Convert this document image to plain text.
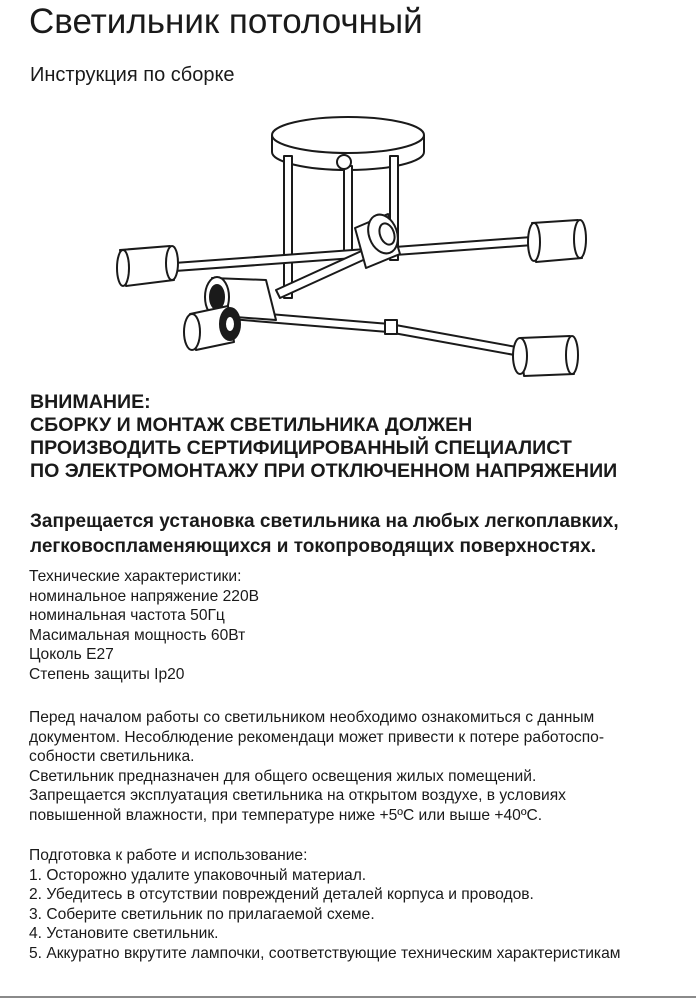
Светильник потолочный
Инструкция по сборке
ВНИМАНИЕ:
СБОРКУ И МОНТАЖ СВЕТИЛЬНИКА ДОЛЖЕН
ПРОИЗВОДИТЬ СЕРТИФИЦИРОВАННЫЙ СПЕЦИАЛИСТ
ПО ЭЛЕКТРОМОНТАЖУ ПРИ ОТКЛЮЧЕННОМ НАПРЯЖЕНИИ
Запрещается установка светильника на любых легкоплавких,
легковоспламеняющихся и токопроводящих поверхностях.
Технические характеристики:
номинальное напряжение 220В
номинальная частота 50Гц
Масимальная мощность 60Вт
Цоколь Е27
Степень защиты Ip20
Перед началом работы со светильником необходимо ознакомиться с данным
документом. Несоблюдение рекомендаци может привести к потере работоспо-
собности светильника.
Светильник предназначен для общего освещения жилых помещений.
Запрещается эксплуатация светильника на открытом воздухе, в условиях
повышенной влажности, при температуре ниже +5ºС или выше +40ºС.
Подготовка к работе и использование:
1. Осторожно удалите упаковочный материал.
2. Убедитесь в отсутствии повреждений деталей корпуса и проводов.
3. Соберите светильник по прилагаемой схеме.
4. Установите светильник.
5. Аккуратно вкрутите лампочки, соответствующие техническим характеристикам
